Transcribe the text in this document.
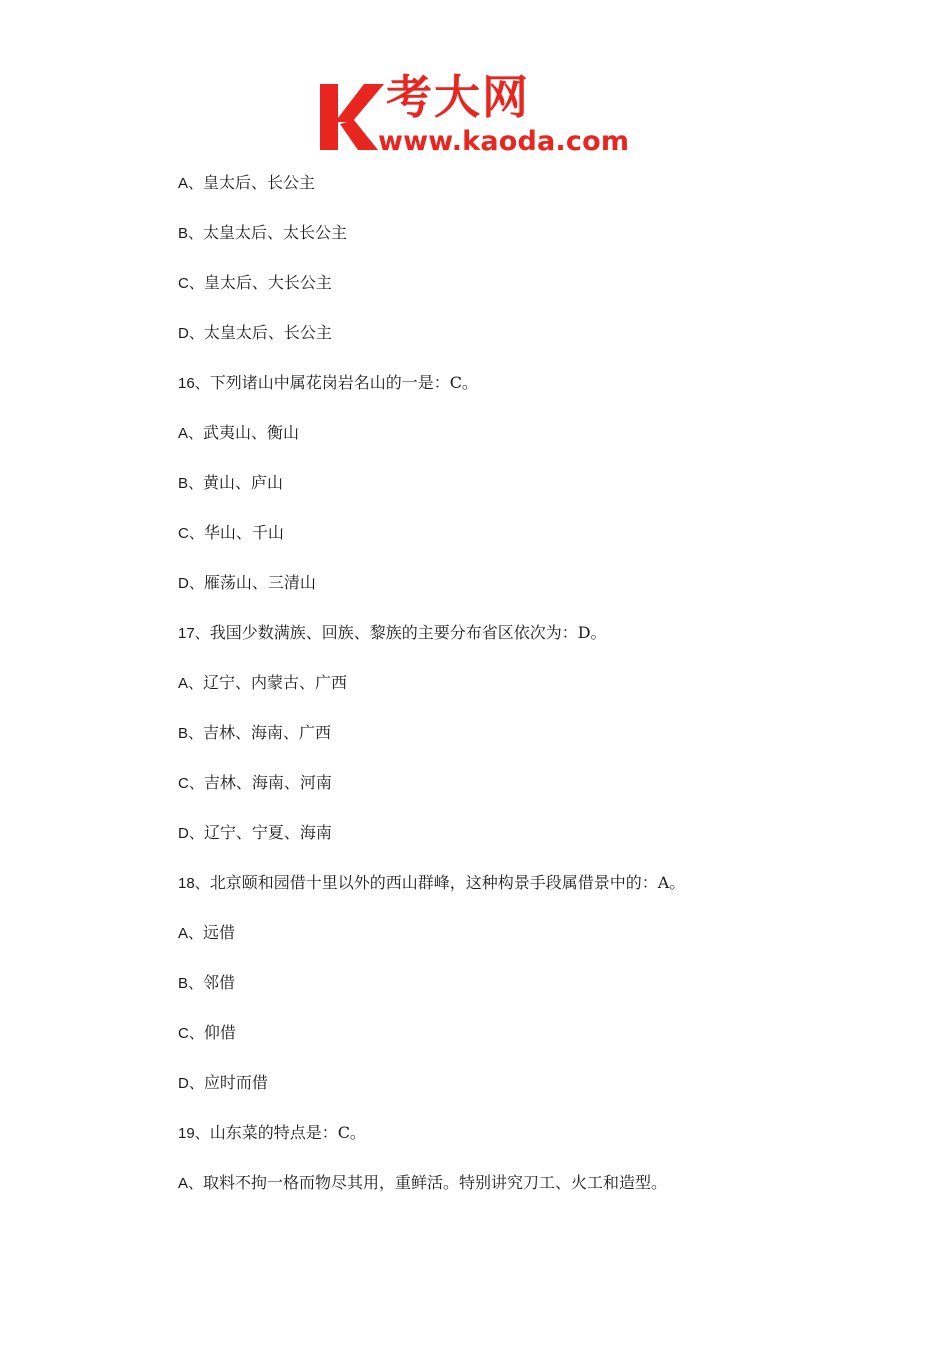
考大网
www.kaoda.com
A、皇太后、长公主
B、太皇太后、太长公主
C、皇太后、大长公主
D、太皇太后、长公主
16、下列诸山中属花岗岩名山的一是：C。
A、武夷山、衡山
B、黄山、庐山
C、华山、千山
D、雁荡山、三清山
17、我国少数满族、回族、黎族的主要分布省区依次为：D。
A、辽宁、内蒙古、广西
B、吉林、海南、广西
C、吉林、海南、河南
D、辽宁、宁夏、海南
18、北京颐和园借十里以外的西山群峰，这种构景手段属借景中的：A。
A、远借
B、邻借
C、仰借
D、应时而借
19、山东菜的特点是：C。
A、取料不拘一格而物尽其用，重鲜活。特别讲究刀工、火工和造型。
